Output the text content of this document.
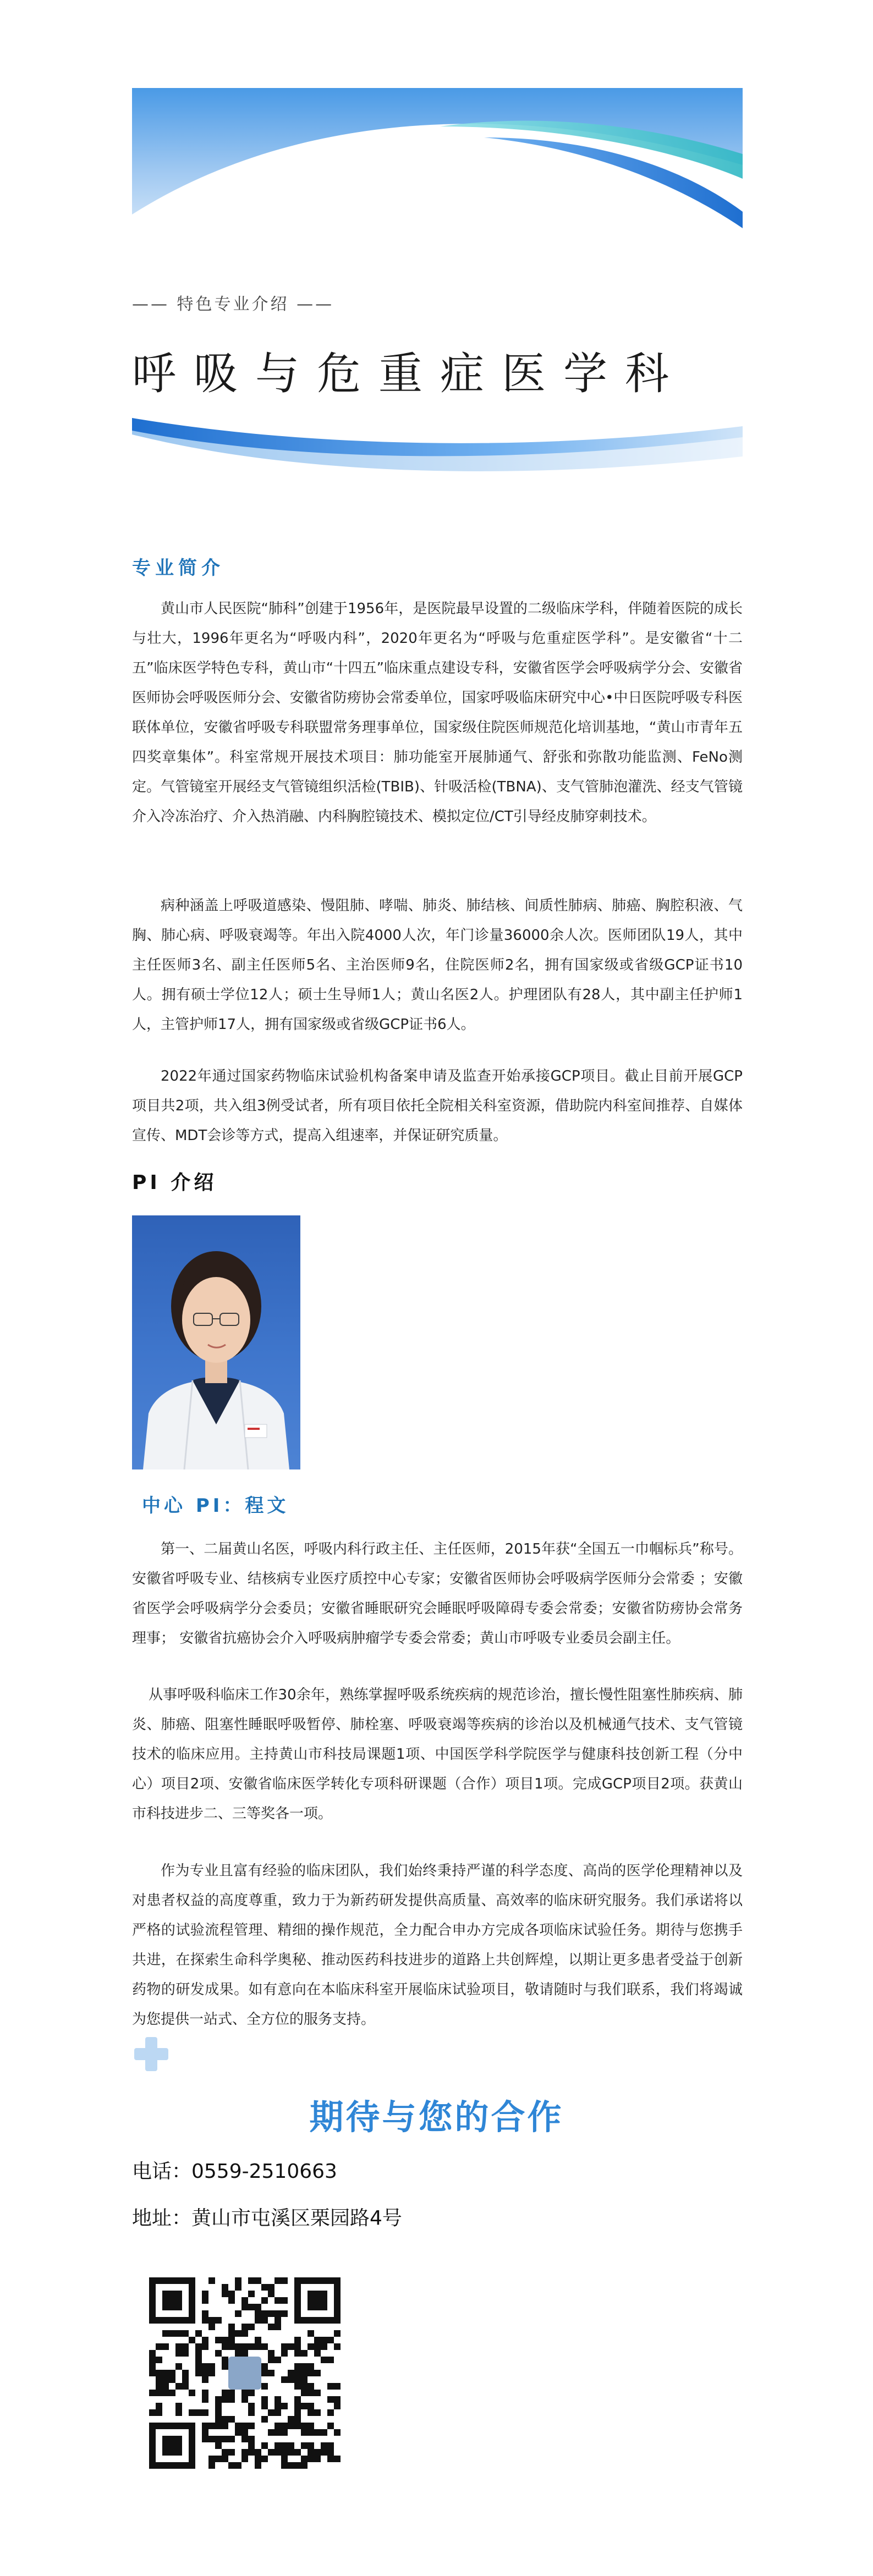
—— 特色专业介绍 ——
呼吸与危重症医学科
专业简介

黄山市人民医院“肺科”创建于1956年，是医院最早设置的二级临床学科，伴随着医院的成长与壮大，1996年更名为“呼吸内科”，2020年更名为“呼吸与危重症医学科”。是安徽省“十二五”临床医学特色专科，黄山市“十四五”临床重点建设专科，安徽省医学会呼吸病学分会、安徽省医师协会呼吸医师分会、安徽省防痨协会常委单位，国家呼吸临床研究中心•中日医院呼吸专科医联体单位，安徽省呼吸专科联盟常务理事单位，国家级住院医师规范化培训基地，“黄山市青年五四奖章集体”。科室常规开展技术项目：肺功能室开展肺通气、舒张和弥散功能监测、FeNo测定。气管镜室开展经支气管镜组织活检(TBIB)、针吸活检(TBNA)、支气管肺泡灌洗、经支气管镜介入冷冻治疗、介入热消融、内科胸腔镜技术、模拟定位/CT引导经皮肺穿刺技术。

病种涵盖上呼吸道感染、慢阻肺、哮喘、肺炎、肺结核、间质性肺病、肺癌、胸腔积液、气胸、肺心病、呼吸衰竭等。年出入院4000人次，年门诊量36000余人次。医师团队19人，其中主任医师3名、副主任医师5名、主治医师9名，住院医师2名，拥有国家级或省级GCP证书10人。拥有硕士学位12人；硕士生导师1人；黄山名医2人。护理团队有28人，其中副主任护师1人，主管护师17人，拥有国家级或省级GCP证书6人。

2022年通过国家药物临床试验机构备案申请及监查开始承接GCP项目。截止目前开展GCP项目共2项，共入组3例受试者，所有项目依托全院相关科室资源，借助院内科室间推荐、自媒体宣传、MDT会诊等方式，提高入组速率，并保证研究质量。

PI 介绍
中心 PI：程文

第一、二届黄山名医，呼吸内科行政主任、主任医师，2015年获“全国五一巾帼标兵”称号。安徽省呼吸专业、结核病专业医疗质控中心专家；安徽省医师协会呼吸病学医师分会常委 ；安徽省医学会呼吸病学分会委员；安徽省睡眠研究会睡眠呼吸障碍专委会常委；安徽省防痨协会常务理事； 安徽省抗癌协会介入呼吸病肿瘤学专委会常委；黄山市呼吸专业委员会副主任。

从事呼吸科临床工作30余年，熟练掌握呼吸系统疾病的规范诊治，擅长慢性阻塞性肺疾病、肺炎、肺癌、阻塞性睡眠呼吸暂停、肺栓塞、呼吸衰竭等疾病的诊治以及机械通气技术、支气管镜技术的临床应用。主持黄山市科技局课题1项、中国医学科学院医学与健康科技创新工程（分中心）项目2项、安徽省临床医学转化专项科研课题（合作）项目1项。完成GCP项目2项。获黄山市科技进步二、三等奖各一项。

作为专业且富有经验的临床团队，我们始终秉持严谨的科学态度、高尚的医学伦理精神以及对患者权益的高度尊重，致力于为新药研发提供高质量、高效率的临床研究服务。我们承诺将以严格的试验流程管理、精细的操作规范，全力配合申办方完成各项临床试验任务。期待与您携手共进，在探索生命科学奥秘、推动医药科技进步的道路上共创辉煌，以期让更多患者受益于创新药物的研发成果。如有意向在本临床科室开展临床试验项目，敬请随时与我们联系，我们将竭诚为您提供一站式、全方位的服务支持。

期待与您的合作
电话：0559-2510663
地址：黄山市屯溪区栗园路4号
